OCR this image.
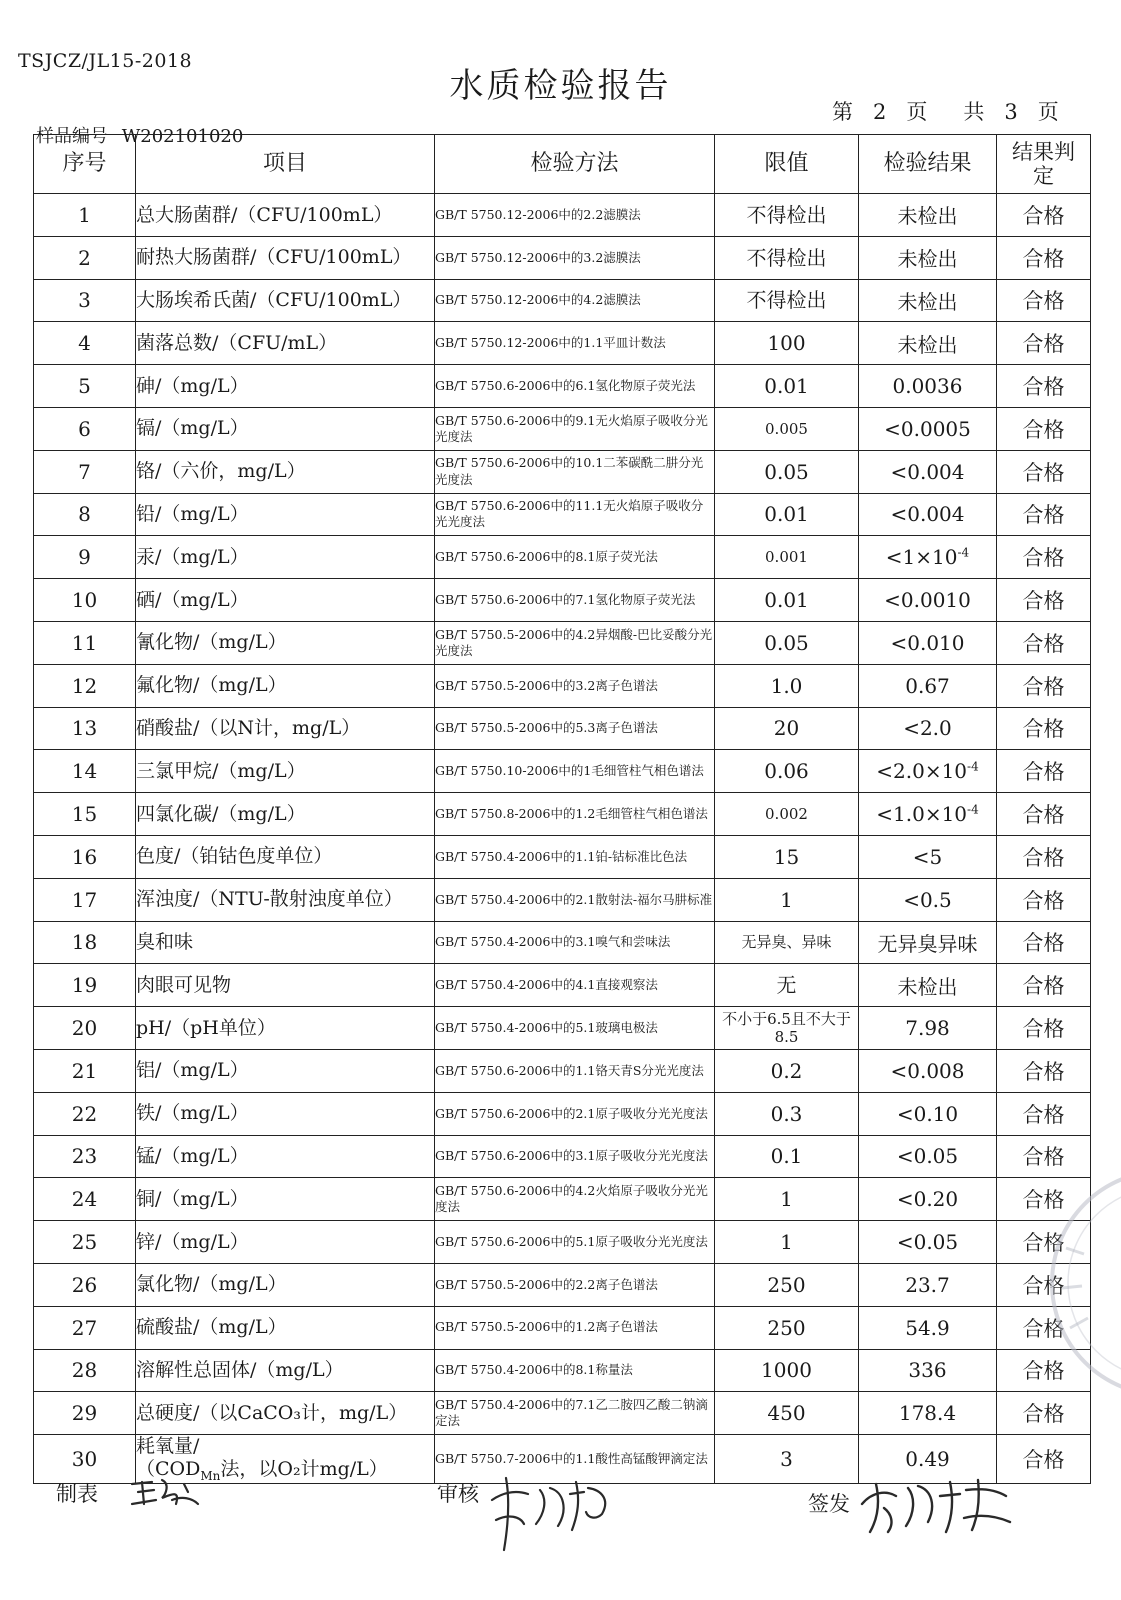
TSJCZ/JL15-2018
水质检验报告
第 2 页 共 3 页
样品编号 W202101020
序号	项目	检验方法	限值	检验结果	结果判定
1	总大肠菌群/（CFU/100mL）	GB/T 5750.12-2006中的2.2滤膜法	不得检出	未检出	合格
2	耐热大肠菌群/（CFU/100mL）	GB/T 5750.12-2006中的3.2滤膜法	不得检出	未检出	合格
3	大肠埃希氏菌/（CFU/100mL）	GB/T 5750.12-2006中的4.2滤膜法	不得检出	未检出	合格
4	菌落总数/（CFU/mL）	GB/T 5750.12-2006中的1.1平皿计数法	100	未检出	合格
5	砷/（mg/L）	GB/T 5750.6-2006中的6.1氢化物原子荧光法	0.01	0.0036	合格
6	镉/（mg/L）	GB/T 5750.6-2006中的9.1无火焰原子吸收分光光度法	0.005	<0.0005	合格
7	铬/（六价，mg/L）	GB/T 5750.6-2006中的10.1二苯碳酰二肼分光光度法	0.05	<0.004	合格
8	铅/（mg/L）	GB/T 5750.6-2006中的11.1无火焰原子吸收分光光度法	0.01	<0.004	合格
9	汞/（mg/L）	GB/T 5750.6-2006中的8.1原子荧光法	0.001	$<1\times 10^{-4}$	合格
10	硒/（mg/L）	GB/T 5750.6-2006中的7.1氢化物原子荧光法	0.01	<0.0010	合格
11	氰化物/（mg/L）	GB/T 5750.5-2006中的4.2异烟酸-巴比妥酸分光光度法	0.05	<0.010	合格
12	氟化物/（mg/L）	GB/T 5750.5-2006中的3.2离子色谱法	1.0	0.67	合格
13	硝酸盐/（以N计，mg/L）	GB/T 5750.5-2006中的5.3离子色谱法	20	<2.0	合格
14	三氯甲烷/（mg/L）	GB/T 5750.10-2006中的1毛细管柱气相色谱法	0.06	$<2.0\times 10^{-4}$	合格
15	四氯化碳/（mg/L）	GB/T 5750.8-2006中的1.2毛细管柱气相色谱法	0.002	$<1.0\times 10^{-4}$	合格
16	色度/（铂钴色度单位）	GB/T 5750.4-2006中的1.1铂-钴标准比色法	15	<5	合格
17	浑浊度/（NTU-散射浊度单位）	GB/T 5750.4-2006中的2.1散射法-福尔马肼标准	1	<0.5	合格
18	臭和味	GB/T 5750.4-2006中的3.1嗅气和尝味法	无异臭、异味	无异臭异味	合格
19	肉眼可见物	GB/T 5750.4-2006中的4.1直接观察法	无	未检出	合格
20	pH/（pH单位）	GB/T 5750.4-2006中的5.1玻璃电极法	不小于6.5且不大于8.5	7.98	合格
21	铝/（mg/L）	GB/T 5750.6-2006中的1.1铬天青S分光光度法	0.2	<0.008	合格
22	铁/（mg/L）	GB/T 5750.6-2006中的2.1原子吸收分光光度法	0.3	<0.10	合格
23	锰/（mg/L）	GB/T 5750.6-2006中的3.1原子吸收分光光度法	0.1	<0.05	合格
24	铜/（mg/L）	GB/T 5750.6-2006中的4.2火焰原子吸收分光光度法	1	<0.20	合格
25	锌/（mg/L）	GB/T 5750.6-2006中的5.1原子吸收分光光度法	1	<0.05	合格
26	氯化物/（mg/L）	GB/T 5750.5-2006中的2.2离子色谱法	250	23.7	合格
27	硫酸盐/（mg/L）	GB/T 5750.5-2006中的1.2离子色谱法	250	54.9	合格
28	溶解性总固体/（mg/L）	GB/T 5750.4-2006中的8.1称量法	1000	336	合格
29	总硬度/（以CaCO₃计，mg/L）	GB/T 5750.4-2006中的7.1乙二胺四乙酸二钠滴定法	450	178.4	合格
30	耗氧量/
（$COD_{Mn}$法，以O₂计mg/L）	GB/T 5750.7-2006中的1.1酸性高锰酸钾滴定法	3	0.49	合格
制表	审核	签发
